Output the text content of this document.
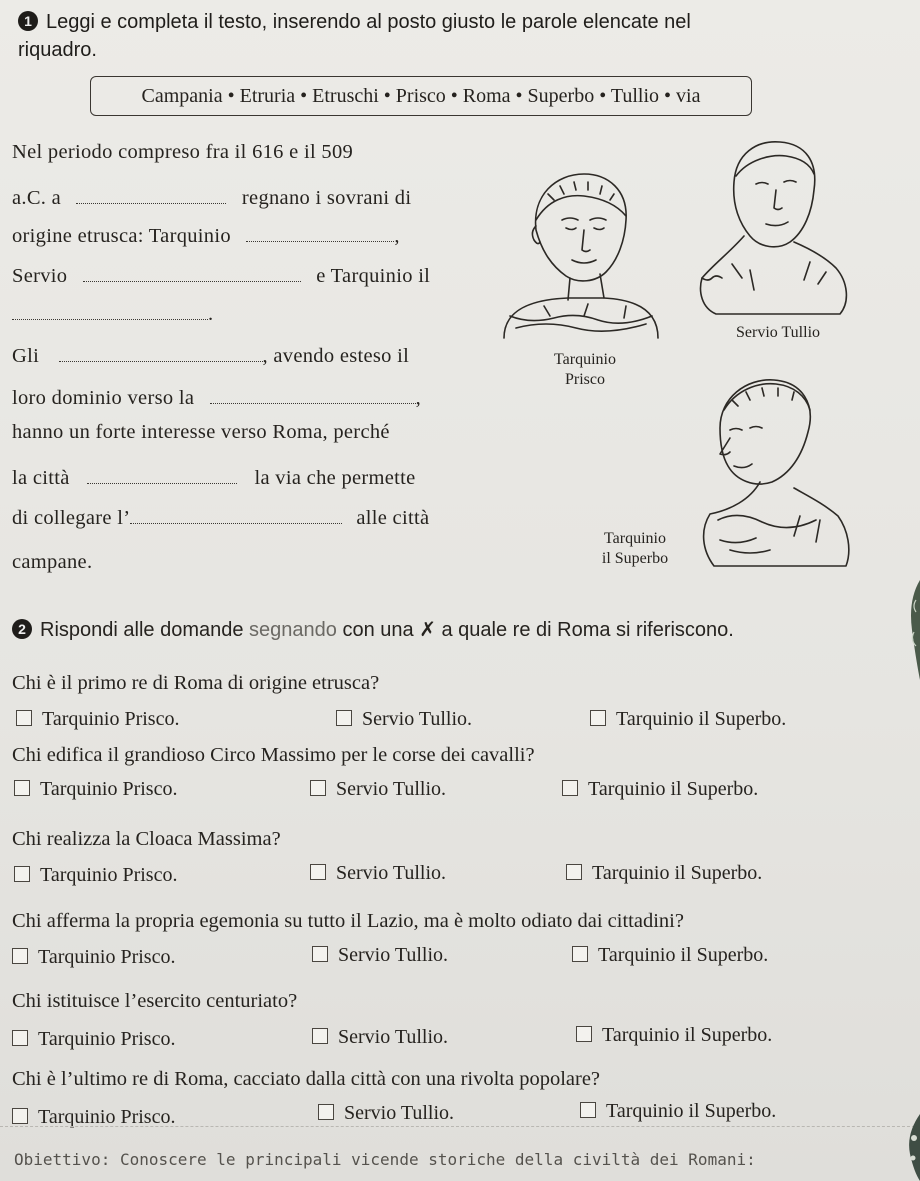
1 Leggi e completa il testo, inserendo al posto giusto le parole elencate nel
riquadro.
Campania • Etruria • Etruschi • Prisco • Roma • Superbo • Tullio • via
Nel periodo compreso fra il 616 e il 509
a.C. a	regnano i sovrani di
origine etrusca: Tarquinio	,
Servio	e Tarquinio il
.
Gli	, avendo esteso il
loro dominio verso la	,
hanno un forte interesse verso Roma, perché
la città	la via che permette
di collegare l’	alle città
campane.
Tarquinio
Prisco
Servio Tullio
Tarquinio
il Superbo
2 Rispondi alle domande segnando con una ✗ a quale re di Roma si riferiscono.
Chi è il primo re di Roma di origine etrusca?
Tarquinio Prisco.	Servio Tullio.	Tarquinio il Superbo.
Chi edifica il grandioso Circo Massimo per le corse dei cavalli?
Tarquinio Prisco.	Servio Tullio.	Tarquinio il Superbo.
Chi realizza la Cloaca Massima?
Tarquinio Prisco.	Servio Tullio.	Tarquinio il Superbo.
Chi afferma la propria egemonia su tutto il Lazio, ma è molto odiato dai cittadini?
Tarquinio Prisco.	Servio Tullio.	Tarquinio il Superbo.
Chi istituisce l’esercito centuriato?
Tarquinio Prisco.	Servio Tullio.	Tarquinio il Superbo.
Chi è l’ultimo re di Roma, cacciato dalla città con una rivolta popolare?
Tarquinio Prisco.	Servio Tullio.	Tarquinio il Superbo.
Obiettivo: Conoscere le principali vicende storiche della civiltà dei Romani:
